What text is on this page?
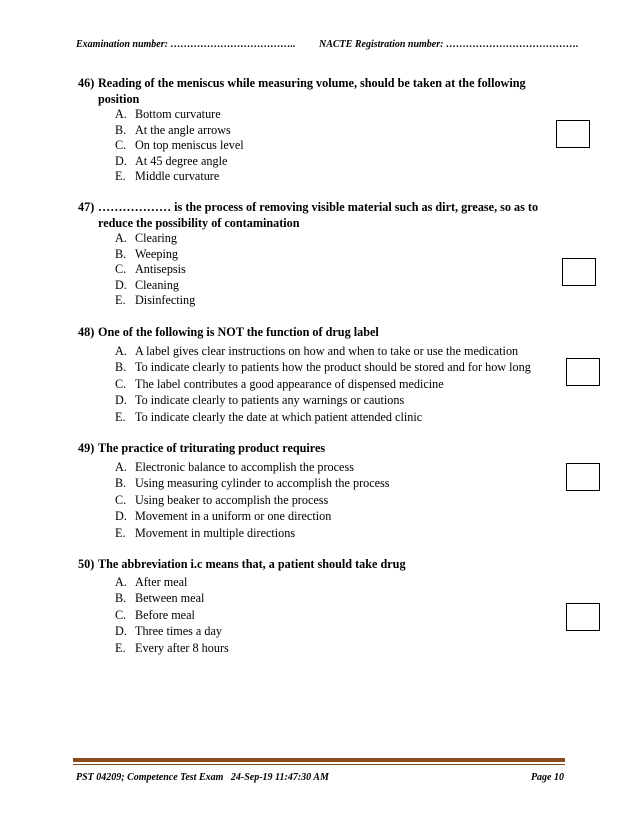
Examination number: ……………………………….. NACTE Registration number: ………………………………….
46) Reading of the meniscus while measuring volume, should be taken at the following position
A. Bottom curvature
B. At the angle arrows
C. On top meniscus level
D. At 45 degree angle
E. Middle curvature
47) ……………… is the process of removing visible material such as dirt, grease, so as to reduce the possibility of contamination
A. Clearing
B. Weeping
C. Antisepsis
D. Cleaning
E. Disinfecting
48) One of the following is NOT the function of drug label
A. A label gives clear instructions on how and when to take or use the medication
B. To indicate clearly to patients how the product should be stored and for how long
C. The label contributes a good appearance of dispensed medicine
D. To indicate clearly to patients any warnings or cautions
E. To indicate clearly the date at which patient attended clinic
49) The practice of triturating product requires
A. Electronic balance to accomplish the process
B. Using measuring cylinder to accomplish the process
C. Using beaker to accomplish the process
D. Movement in a uniform or one direction
E. Movement in multiple directions
50) The abbreviation i.c means that, a patient should take drug
A. After meal
B. Between meal
C. Before meal
D. Three times a day
E. Every after 8 hours
PST 04209; Competence Test Exam   24-Sep-19 11:47:30 AM	Page 10
